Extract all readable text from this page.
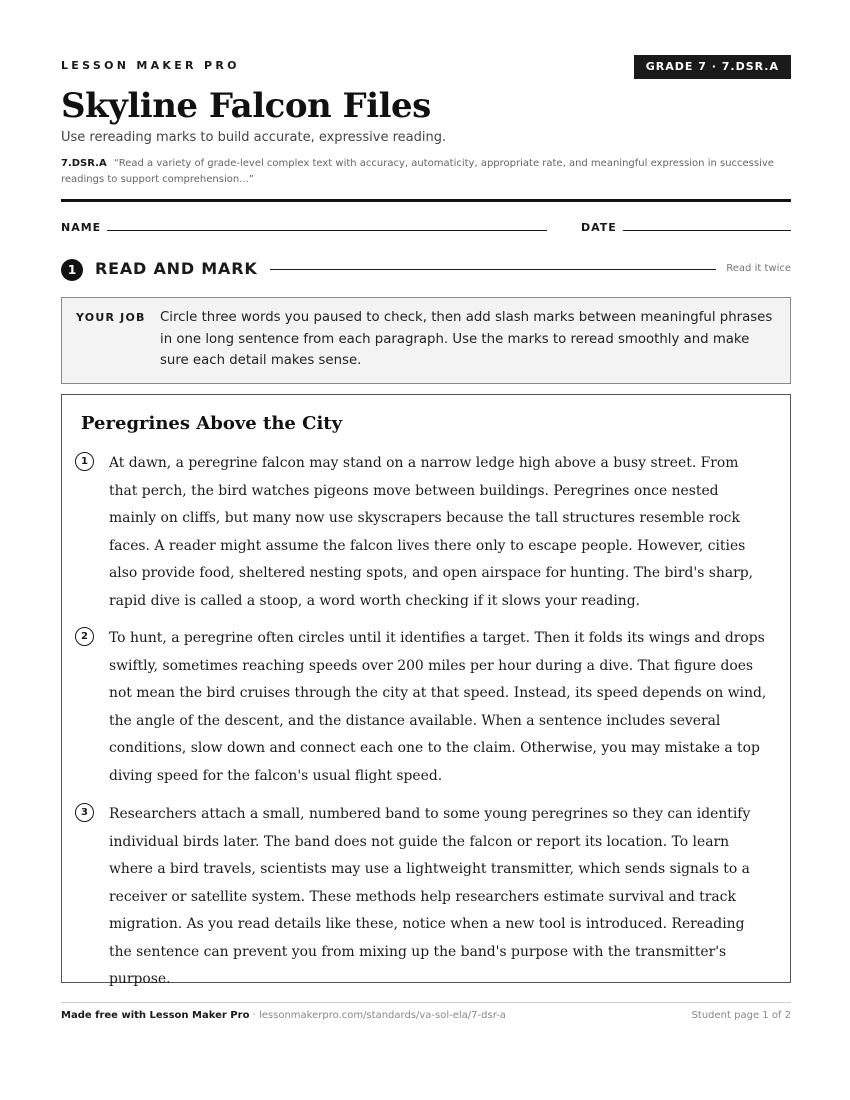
LESSON MAKER PRO	GRADE 7 · 7.DSR.A
Skyline Falcon Files
Use rereading marks to build accurate, expressive reading.
7.DSR.A “Read a variety of grade-level complex text with accuracy, automaticity, appropriate rate, and meaningful expression in successive readings to support comprehension...”
NAME	DATE
1	READ AND MARK	Read it twice
YOUR JOB Circle three words you paused to check, then add slash marks between meaningful phrases in one long sentence from each paragraph. Use the marks to reread smoothly and make sure each detail makes sense.
Peregrines Above the City
1	At dawn, a peregrine falcon may stand on a narrow ledge high above a busy street. From that perch, the bird watches pigeons move between buildings. Peregrines once nested mainly on cliffs, but many now use skyscrapers because the tall structures resemble rock faces. A reader might assume the falcon lives there only to escape people. However, cities also provide food, sheltered nesting spots, and open airspace for hunting. The bird's sharp, rapid dive is called a stoop, a word worth checking if it slows your reading.

2	To hunt, a peregrine often circles until it identifies a target. Then it folds its wings and drops swiftly, sometimes reaching speeds over 200 miles per hour during a dive. That figure does not mean the bird cruises through the city at that speed. Instead, its speed depends on wind, the angle of the descent, and the distance available. When a sentence includes several conditions, slow down and connect each one to the claim. Otherwise, you may mistake a top diving speed for the falcon's usual flight speed.

3	Researchers attach a small, numbered band to some young peregrines so they can identify individual birds later. The band does not guide the falcon or report its location. To learn where a bird travels, scientists may use a lightweight transmitter, which sends signals to a receiver or satellite system. These methods help researchers estimate survival and track migration. As you read details like these, notice when a new tool is introduced. Rereading the sentence can prevent you from mixing up the band's purpose with the transmitter's purpose.

Made free with Lesson Maker Pro · lessonmakerpro.com/standards/va-sol-ela/7-dsr-a	Student page 1 of 2
